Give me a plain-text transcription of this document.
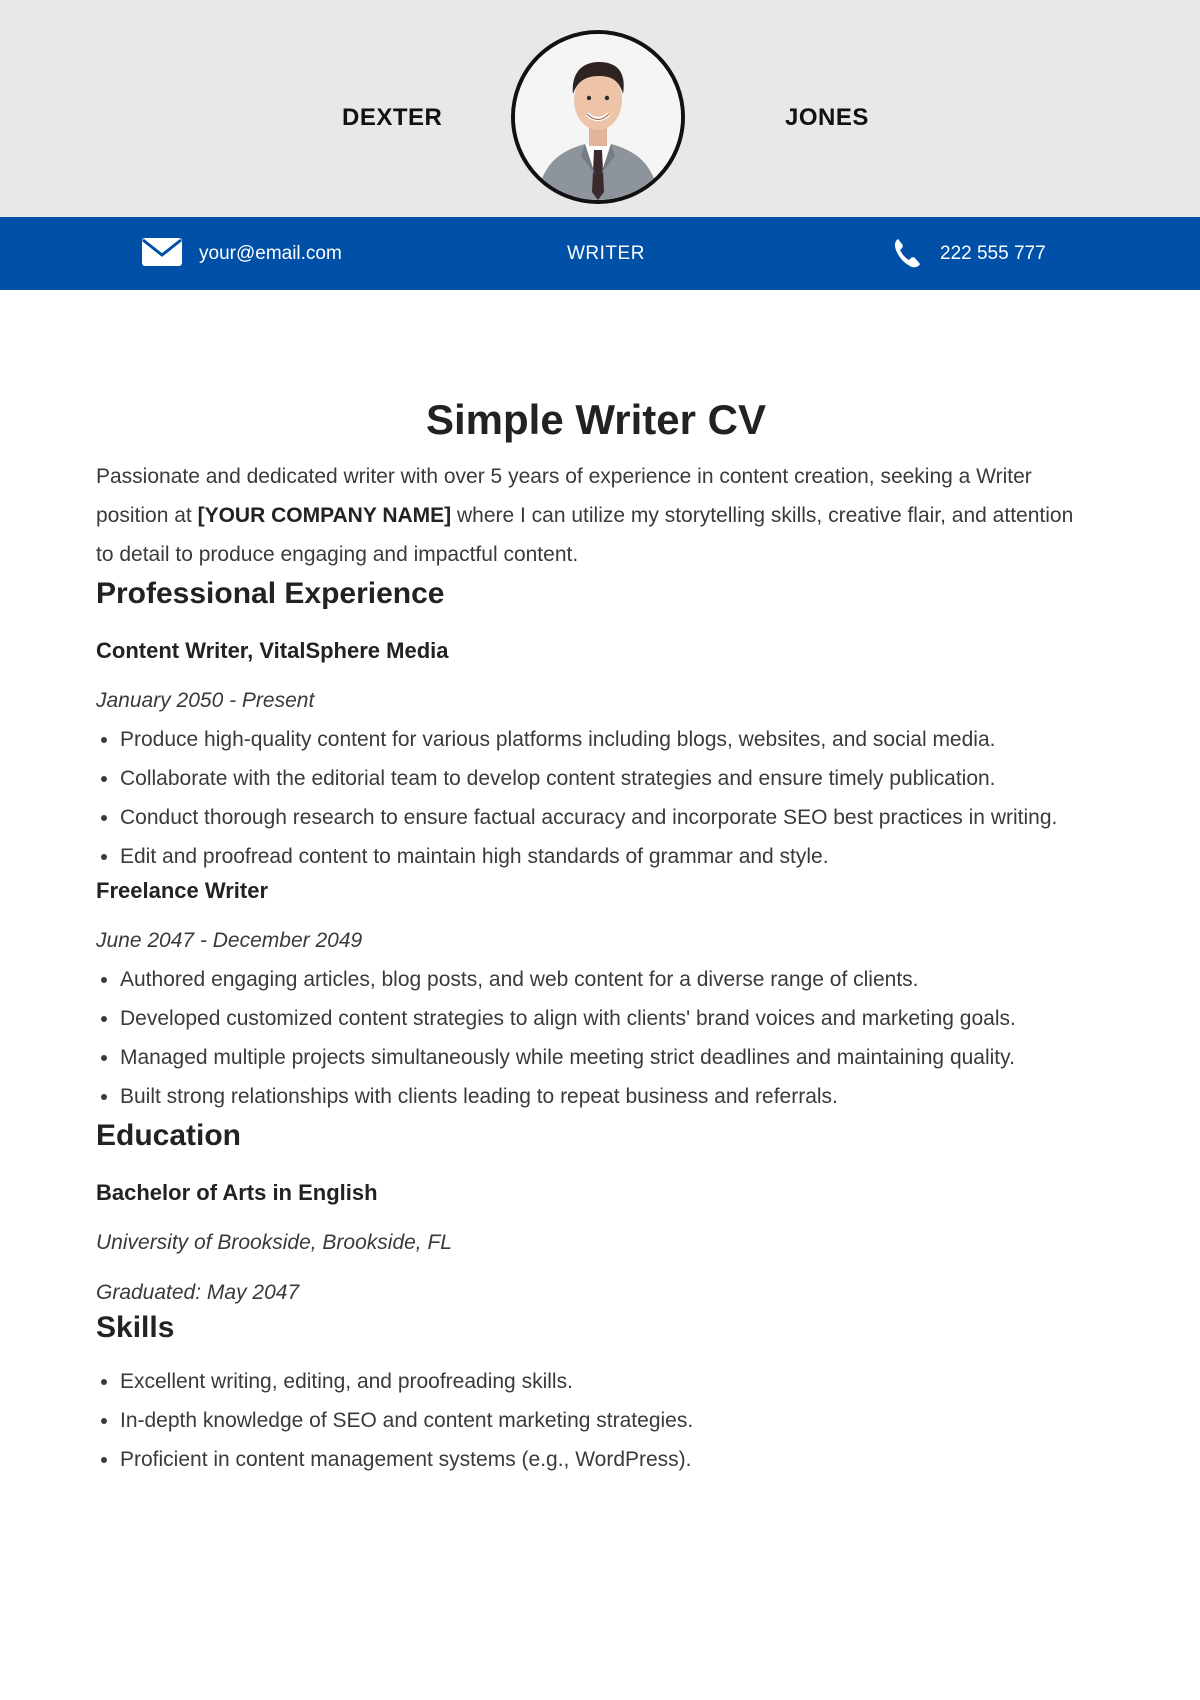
DEXTER	JONES
your@email.com	WRITER	222 555 777
Simple Writer CV

Passionate and dedicated writer with over 5 years of experience in content creation, seeking a Writer position at [YOUR COMPANY NAME] where I can utilize my storytelling skills, creative flair, and attention to detail to produce engaging and impactful content.

Professional Experience
Content Writer, VitalSphere Media
January 2050 - Present
• Produce high-quality content for various platforms including blogs, websites, and social media.
• Collaborate with the editorial team to develop content strategies and ensure timely publication.
• Conduct thorough research to ensure factual accuracy and incorporate SEO best practices in writing.
• Edit and proofread content to maintain high standards of grammar and style.
Freelance Writer
June 2047 - December 2049
• Authored engaging articles, blog posts, and web content for a diverse range of clients.
• Developed customized content strategies to align with clients' brand voices and marketing goals.
• Managed multiple projects simultaneously while meeting strict deadlines and maintaining quality.
• Built strong relationships with clients leading to repeat business and referrals.
Education
Bachelor of Arts in English
University of Brookside, Brookside, FL
Graduated: May 2047
Skills
• Excellent writing, editing, and proofreading skills.
• In-depth knowledge of SEO and content marketing strategies.
• Proficient in content management systems (e.g., WordPress).
